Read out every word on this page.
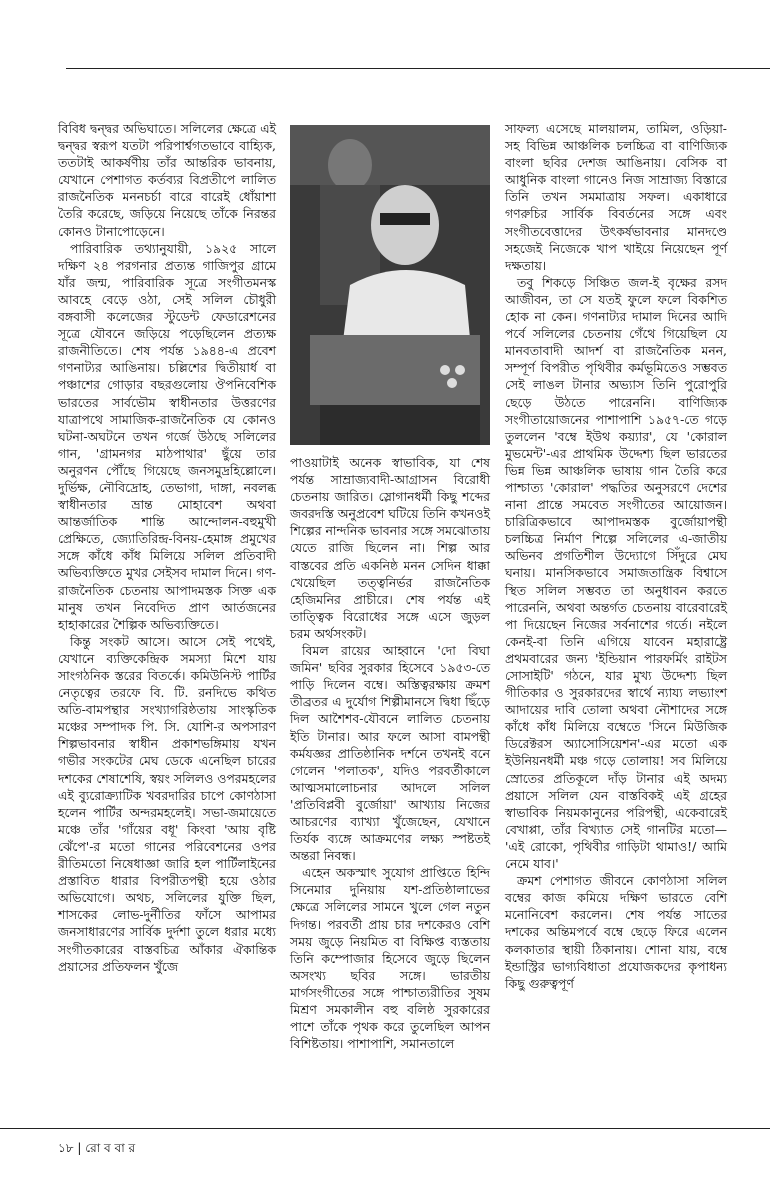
বিবিধ দ্বন্দ্বর অভিঘাতে। সলিলের ক্ষেত্রে এই দ্বন্দ্বর স্বরূপ যতটা পরিপার্শ্বগতভাবে বাহ্যিক, ততটাই আকর্ষণীয় তাঁর আন্তরিক ভাবনায়, যেখানে পেশাগত কর্তব্যর বিপ্রতীপে লালিত রাজনৈতিক মননচর্চা বারে বারেই ধোঁয়াশা তৈরি করেছে, জড়িয়ে নিয়েছে তাঁকে নিরন্তর কোনও টানাপোড়েনে।

পারিবারিক তথ্যানুযায়ী, ১৯২৫ সালে দক্ষিণ ২৪ পরগনার প্রত্যন্ত গাজিপুর গ্রামে যাঁর জন্ম, পারিবারিক সূত্রে সংগীতমনস্ক আবহে বেড়ে ওঠা, সেই সলিল চৌধুরী বঙ্গবাসী কলেজের স্টুডেন্ট ফেডারেশনের সূত্রে যৌবনে জড়িয়ে পড়েছিলেন প্রত্যক্ষ রাজনীতিতে। শেষ পর্যন্ত ১৯৪৪-এ প্রবেশ গণনাট্যর আঙিনায়। চল্লিশের দ্বিতীয়ার্ধ বা পঞ্চাশের গোড়ার বছরগুলোয় ঔপনিবেশিক ভারতের সার্বভৌম স্বাধীনতার উত্তরণের যাত্রাপথে সামাজিক-রাজনৈতিক যে কোনও ঘটনা-অঘটনে তখন গর্জে উঠছে সলিলের গান, 'গ্রামনগর মাঠপাথার' ছুঁয়ে তার অনুরণন পৌঁছে গিয়েছে জনসমুদ্রহিল্লোলে। দুর্ভিক্ষ, নৌবিদ্রোহ, তেভাগা, দাঙ্গা, নবলব্ধ স্বাধীনতার ভ্রান্ত মোহাবেশ অথবা আন্তর্জাতিক শান্তি আন্দোলন-বহুমুখী প্রেক্ষিতে, জ্যোতিরিন্দ্র-বিনয়-হেমাঙ্গ প্রমুখের সঙ্গে কাঁধে কাঁধ মিলিয়ে সলিল প্রতিবাদী অভিব্যক্তিতে মুখর সেইসব দামাল দিনে। গণ-রাজনৈতিক চেতনায় আপাদমস্তক সিক্ত এক মানুষ তখন নিবেদিত প্রাণ আর্তজনের হাহাকারের শৈল্পিক অভিব্যক্তিতে।

কিন্তু সংকট আসে। আসে সেই পথেই, যেখানে ব্যক্তিকেন্দ্রিক সমস্যা মিশে যায় সাংগঠনিক স্তরের বিতর্কে। কমিউনিস্ট পার্টির নেতৃত্বের তরফে বি. টি. রনদিভে কথিত অতি-বামপন্থার সংখ্যাগরিষ্ঠতায় সাংস্কৃতিক মঞ্চের সম্পাদক পি. সি. যোশি-র অপসারণ শিল্পভাবনার স্বাধীন প্রকাশভঙ্গিমায় যখন গভীর সংকটের মেঘ ডেকে এনেছিল চারের দশকের শেষাশেষি, স্বয়ং সলিলও ওপরমহলের এই ব্যুরোক্র্যাটিক খবরদারির চাপে কোণঠাসা হলেন পার্টির অন্দরমহলেই। সভা-জমায়েতে মঞ্চে তাঁর 'গাঁয়ের বধূ' কিংবা 'আয় বৃষ্টি ঝেঁপে'-র মতো গানের পরিবেশনের ওপর রীতিমতো নিষেধাজ্ঞা জারি হল পার্টিলাইনের প্রস্তাবিত ধারার বিপরীতপন্থী হয়ে ওঠার অভিযোগে। অথচ, সলিলের যুক্তি ছিল, শাসকের লোভ-দুর্নীতির ফাঁসে আপামর জনসাধারণের সার্বিক দুর্দশা তুলে ধরার মধ্যে সংগীতকারের বাস্তবচিত্র আঁকার ঐকান্তিক প্রয়াসের প্রতিফলন খুঁজে

পাওয়াটাই অনেক স্বাভাবিক, যা শেষ পর্যন্ত সাম্রাজ্যবাদী-আগ্রাসন বিরোধী চেতনায় জারিত। স্লোগানধর্মী কিছু শব্দের জবরদস্তি অনুপ্রবেশ ঘটিয়ে তিনি কখনওই শিল্পের নান্দনিক ভাবনার সঙ্গে সমঝোতায় যেতে রাজি ছিলেন না। শিল্প আর বাস্তবের প্রতি একনিষ্ঠ মনন সেদিন ধাক্কা খেয়েছিল তত্ত্বনির্ভর রাজনৈতিক হেজিমনির প্রাচীরে। শেষ পর্যন্ত এই তাত্ত্বিক বিরোধের সঙ্গে এসে জুড়ল চরম অর্থসংকট।

বিমল রায়ের আহ্বানে 'দো বিঘা জমিন' ছবির সুরকার হিসেবে ১৯৫৩-তে পাড়ি দিলেন বম্বে। অস্তিত্বরক্ষায় ক্রমশ তীব্রতর এ দুর্যোগ শিল্পীমানসে দ্বিধা ছিঁড়ে দিল আশৈশব-যৌবনে লালিত চেতনায় ইতি টানার। আর ফলে আসা বামপন্থী কর্মযজ্ঞর প্রাতিষ্ঠানিক দর্শনে তখনই বনে গেলেন 'পলাতক', যদিও পরবর্তীকালে আত্মসমালোচনার আদলে সলিল 'প্রতিবিপ্লবী বুর্জোয়া' আখ্যায় নিজের আচরণের ব্যাখ্যা খুঁজেছেন, যেখানে তির্যক ব্যঙ্গে আক্রমণের লক্ষ্য স্পষ্টতই অন্তরা নিবন্ধ।

এহেন অকস্মাৎ সুযোগ প্রাপ্তিতে হিন্দি সিনেমার দুনিয়ায় যশ-প্রতিষ্ঠালাভের ক্ষেত্রে সলিলের সামনে খুলে গেল নতুন দিগন্ত। পরবর্তী প্রায় চার দশকেরও বেশি সময় জুড়ে নিয়মিত বা বিক্ষিপ্ত ব্যস্ততায় তিনি কম্পোজার হিসেবে জুড়ে ছিলেন অসংখ্য ছবির সঙ্গে। ভারতীয় মার্গসংগীতের সঙ্গে পাশ্চাত্যরীতির সুষম মিশ্রণ সমকালীন বহু বলিষ্ঠ সুরকারের পাশে তাঁকে পৃথক করে তুলেছিল আপন বিশিষ্টতায়। পাশাপাশি, সমানতালে

সাফল্য এসেছে মালয়ালম, তামিল, ওড়িয়া-সহ বিভিন্ন আঞ্চলিক চলচ্চিত্র বা বাণিজ্যিক বাংলা ছবির দেশজ আঙিনায়। বেসিক বা আধুনিক বাংলা গানেও নিজ সাম্রাজ্য বিস্তারে তিনি তখন সমমাত্রায় সফল। একাধারে গণরুচির সার্বিক বিবর্তনের সঙ্গে এবং সংগীতবেত্তাদের উৎকর্ষভাবনার মানদণ্ডে সহজেই নিজেকে খাপ খাইয়ে নিয়েছেন পূর্ণ দক্ষতায়।

তবু শিকড়ে সিঞ্চিত জল-ই বৃক্ষের রসদ আজীবন, তা সে যতই ফুলে ফলে বিকশিত হোক না কেন। গণনাট্যর দামাল দিনের আদি পর্বে সলিলের চেতনায় গেঁথে গিয়েছিল যে মানবতাবাদী আদর্শ বা রাজনৈতিক মনন, সম্পূর্ণ বিপরীত পৃথিবীর কর্মভূমিতেও সম্ভবত সেই লাঙল টানার অভ্যাস তিনি পুরোপুরি ছেড়ে উঠতে পারেননি। বাণিজ্যিক সংগীতায়োজনের পাশাপাশি ১৯৫৭-তে গড়ে তুললেন 'বম্বে ইউথ কয়্যার', যে 'কোরাল মুভমেন্ট'-এর প্রাথমিক উদ্দেশ্য ছিল ভারতের ভিন্ন ভিন্ন আঞ্চলিক ভাষায় গান তৈরি করে পাশ্চাত্য 'কোরাল' পদ্ধতির অনুসরণে দেশের নানা প্রান্তে সমবেত সংগীতের আয়োজন। চারিত্রিকভাবে আপাদমস্তক বুর্জোয়াপন্থী চলচ্চিত্র নির্মাণ শিল্পে সলিলের এ-জাতীয় অভিনব প্রগতিশীল উদ্যোগে সিঁদুরে মেঘ ঘনায়। মানসিকভাবে সমাজতান্ত্রিক বিশ্বাসে স্থিত সলিল সম্ভবত তা অনুধাবন করতে পারেননি, অথবা অন্তর্গত চেতনায় বারেবারেই পা দিয়েছেন নিজের সর্বনাশের গর্তে। নইলে কেনই-বা তিনি এগিয়ে যাবেন মহারাষ্ট্রে প্রথমবারের জন্য 'ইন্ডিয়ান পারফর্মিং রাইটস সোসাইটি' গঠনে, যার মুখ্য উদ্দেশ্য ছিল গীতিকার ও সুরকারদের স্বার্থে ন্যায্য লভ্যাংশ আদায়ের দাবি তোলা অথবা নৌশাদের সঙ্গে কাঁধে কাঁধ মিলিয়ে বম্বেতে 'সিনে মিউজিক ডিরেক্টরস অ্যাসোসিয়েশন'-এর মতো এক ইউনিয়নধর্মী মঞ্চ গড়ে তোলায়! সব মিলিয়ে স্রোতের প্রতিকূলে দাঁড় টানার এই অদম্য প্রয়াসে সলিল যেন বাস্তবিকই এই গ্রহের স্বাভাবিক নিয়মকানুনের পরিপন্থী, একেবারেই বেখাপ্পা, তাঁর বিখ্যাত সেই গানটির মতো— 'এই রোকো, পৃথিবীর গাড়িটা থামাও!/ আমি নেমে যাব।'

ক্রমশ পেশাগত জীবনে কোণঠাসা সলিল বম্বের কাজ কমিয়ে দক্ষিণ ভারতে বেশি মনোনিবেশ করলেন। শেষ পর্যন্ত সাতের দশকের অন্তিমপর্বে বম্বে ছেড়ে ফিরে এলেন কলকাতার স্থায়ী ঠিকানায়। শোনা যায়, বম্বে ইন্ডাস্ট্রির ভাগ্যবিধাতা প্রযোজকদের কৃপাধন্য কিছু গুরুত্বপূর্ণ

১৮ | রো ব বা র
